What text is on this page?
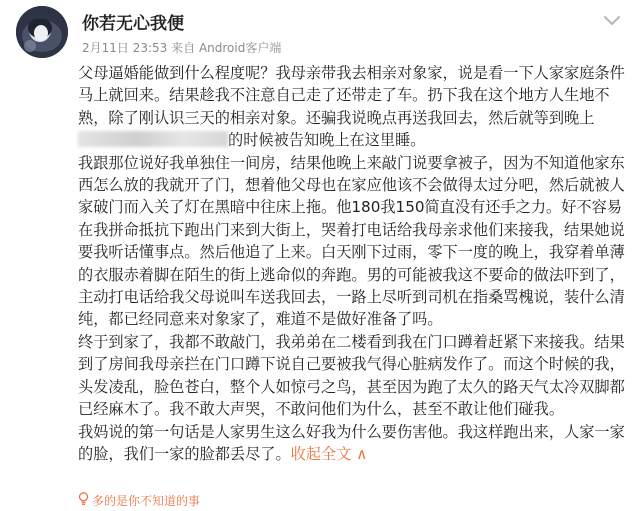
你若无心我便
2月11日 23:53 来自 Android客户端

父母逼婚能做到什么程度呢？我母亲带我去相亲对象家，说是看一下人家家庭条件马上就回来。结果趁我不注意自己走了还带走了车。扔下我在这个地方人生地不熟，除了刚认识三天的相亲对象。还骗我说晚点再送我回去，然后就等到晚上的时候被告知晚上在这里睡。

我跟那位说好我单独住一间房，结果他晚上来敲门说要拿被子，因为不知道他家东西怎么放的我就开了门，想着他父母也在家应他该不会做得太过分吧，然后就被人家破门而入关了灯在黑暗中往床上拖。他180我150简直没有还手之力。好不容易在我拼命抵抗下跑出门来到大街上，哭着打电话给我母亲求他们来接我，结果她说要我听话懂事点。然后他追了上来。白天刚下过雨，零下一度的晚上，我穿着单薄的衣服赤着脚在陌生的街上逃命似的奔跑。男的可能被我这不要命的做法吓到了，主动打电话给我父母说叫车送我回去，一路上尽听到司机在指桑骂槐说，装什么清纯，都已经同意来对象家了，难道不是做好准备了吗。

终于到家了，我都不敢敲门，我弟弟在二楼看到我在门口蹲着赶紧下来接我。结果到了房间我母亲拦在门口蹲下说自己要被我气得心脏病发作了。而这个时候的我，头发凌乱，脸色苍白，整个人如惊弓之鸟，甚至因为跑了太久的路天气太冷双脚都已经麻木了。我不敢大声哭，不敢问他们为什么，甚至不敢让他们碰我。

我妈说的第一句话是人家男生这么好我为什么要伤害他。我这样跑出来，人家一家的脸，我们一家的脸都丢尽了。收起全文 ∧

多的是你不知道的事
